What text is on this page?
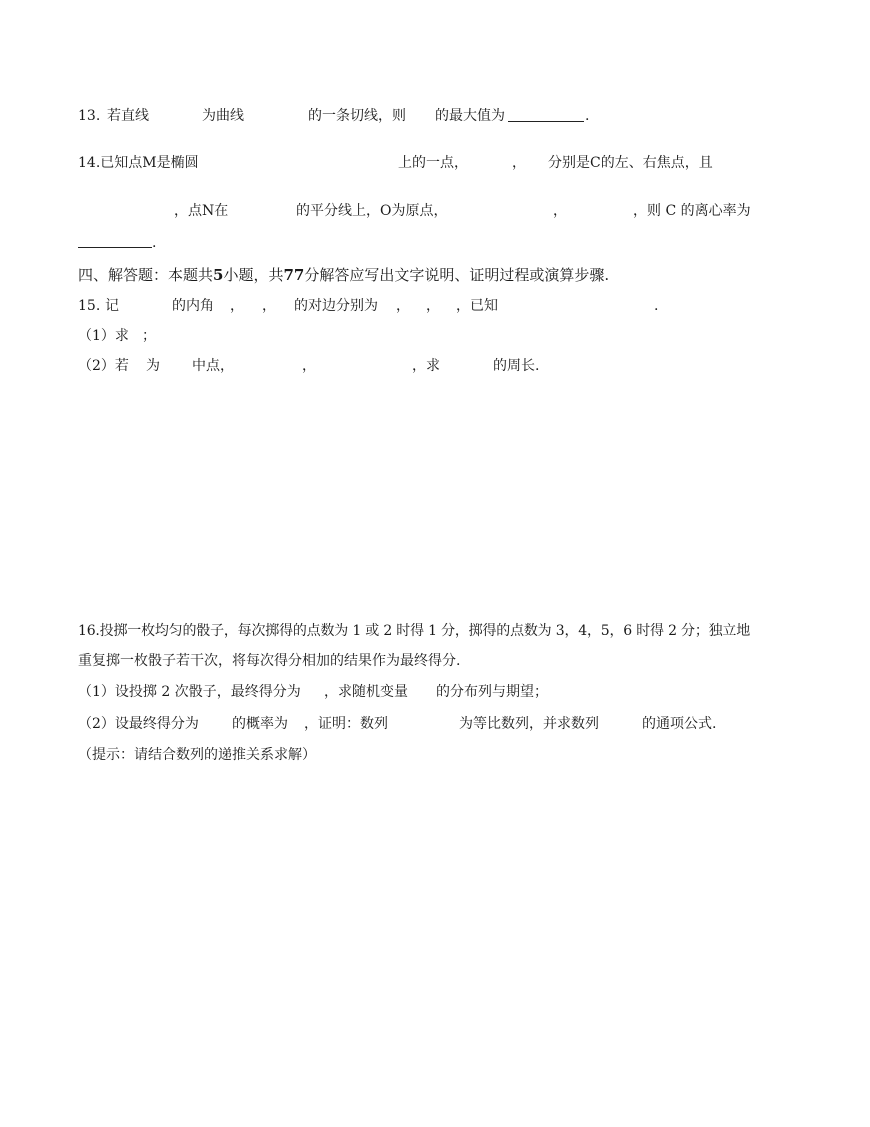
13. 若直线	为曲线	的一条切线，则 的最大值为	.
14.已知点M是椭圆	上的一点，	， 分别是C的左、右焦点，且
，点N在	的平分线上，O为原点，	，	，则 C 的离心率为
.
四、解答题：本题共5小题，共77分解答应写出文字说明、证明过程或演算步骤.
15. 记	的内角 ， ， 的对边分别为 ， ， ，已知	.
（1）求 ；
（2）若 为 中点，	，	，求	的周长.
16.投掷一枚均匀的骰子，每次掷得的点数为 1 或 2 时得 1 分，掷得的点数为 3，4，5，6 时得 2 分；独立地
重复掷一枚骰子若干次，将每次得分相加的结果作为最终得分.
（1）设投掷 2 次骰子，最终得分为 ，求随机变量 的分布列与期望；
（2）设最终得分为 的概率为 ，证明：数列	为等比数列，并求数列	的通项公式.
（提示：请结合数列的递推关系求解）
